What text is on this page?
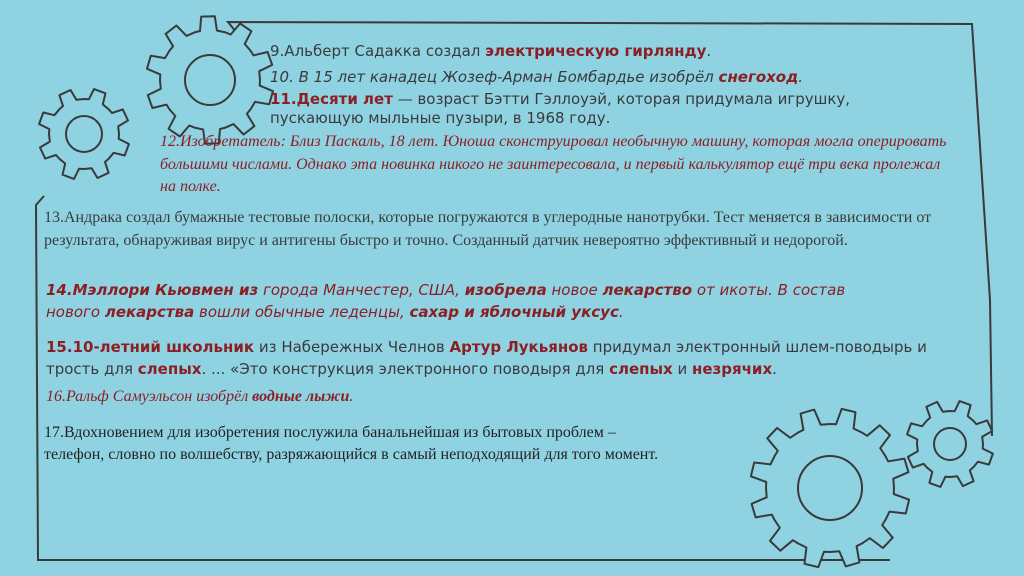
9.Альберт Садакка создал электрическую гирлянду.

10. В 15 лет канадец Жозеф-Арман Бомбардье изобрёл снегоход.

11.Десяти лет — возраст Бэтти Гэллоуэй, которая придумала игрушку, пускающую мыльные пузыри, в 1968 году.

12.Изобретатель: Близ Паскаль, 18 лет. Юноша сконструировал необычную машину, которая могла оперировать большими числами. Однако эта новинка никого не заинтересовала, и первый калькулятор ещё три века пролежал на полке.

13.Андрака создал бумажные тестовые полоски, которые погружаются в углеродные нанотрубки. Тест меняется в зависимости от результата, обнаруживая вирус и антигены быстро и точно. Созданный датчик невероятно эффективный и недорогой.

14.Мэллори Кьювмен из города Манчестер, США, изобрела новое лекарство от икоты. В состав нового лекарства вошли обычные леденцы, сахар и яблочный уксус.

15.10-летний школьник из Набережных Челнов Артур Лукьянов придумал электронный шлем-поводырь и трость для слепых. ... «Это конструкция электронного поводыря для слепых и незрячих.

16.Ральф Самуэльсон изобрёл водные лыжи.

17.Вдохновением для изобретения послужила банальнейшая из бытовых проблем –
телефон, словно по волшебству, разряжающийся в самый неподходящий для того момент.
